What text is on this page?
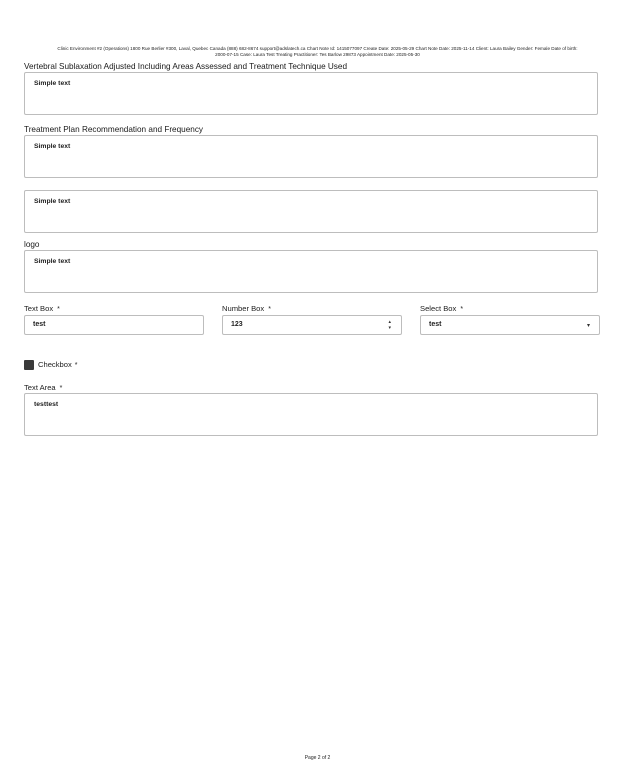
Clinic Environment #2 (Operations) 1800 Rue Berlier #300, Laval, Quebec Canada (888) 682-8674 support@adslatech.ca Chart Note Id: 1415077097 Create Date: 2025-05-29 Chart Note Date: 2025-11-14 Client: Laura Bailey Gender: Female Date of birth:
2000-07-15 Case: Laura Test Treating Practitioner: Tes Barlow 29873 Appointment Date: 2025-05-30
Vertebral Sublaxation Adjusted Including Areas Assessed and Treatment Technique Used
Simple text
Treatment Plan Recommendation and Frequency
Simple text
Simple text
logo
Simple text
Text Box *
test
Number Box *
123	▴
▾
Select Box *
test	▾
Checkbox *
Text Area *
testtest
Page 2 of 2
